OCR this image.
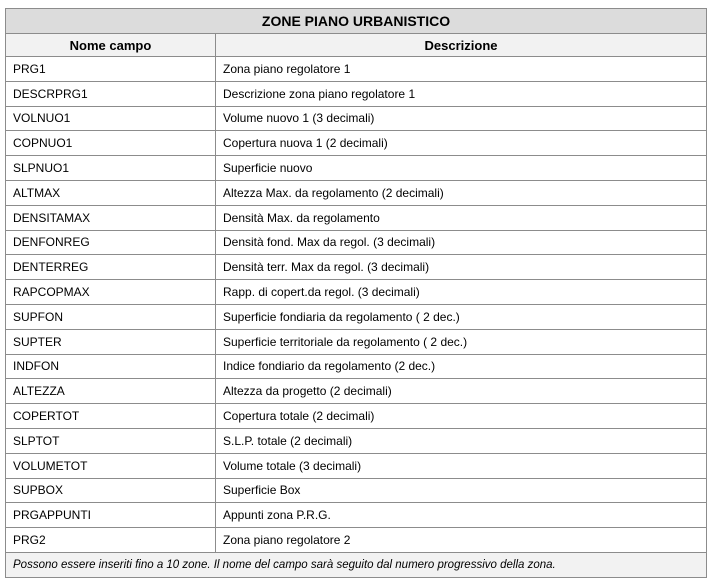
ZONE PIANO URBANISTICO	
Nome campo	Descrizione
PRG1	Zona piano regolatore 1
DESCRPRG1	Descrizione zona piano regolatore 1
VOLNUO1	Volume nuovo 1 (3 decimali)
COPNUO1	Copertura nuova 1 (2 decimali)
SLPNUO1	Superficie nuovo
ALTMAX	Altezza Max. da regolamento (2 decimali)
DENSITAMAX	Densità Max. da regolamento
DENFONREG	Densità fond. Max da regol. (3 decimali)
DENTERREG	Densità terr. Max da regol. (3 decimali)
RAPCOPMAX	Rapp. di copert.da regol. (3 decimali)
SUPFON	Superficie fondiaria da regolamento ( 2 dec.)
SUPTER	Superficie territoriale da regolamento ( 2 dec.)
INDFON	Indice fondiario da regolamento (2 dec.)
ALTEZZA	Altezza da progetto (2 decimali)
COPERTOT	Copertura totale (2 decimali)
SLPTOT	S.L.P. totale (2 decimali)
VOLUMETOT	Volume totale (3 decimali)
SUPBOX	Superficie Box
PRGAPPUNTI	Appunti zona P.R.G.
PRG2	Zona piano regolatore 2
Possono essere inseriti fino a 10 zone. Il nome del campo sarà seguito dal numero progressivo della zona.	
